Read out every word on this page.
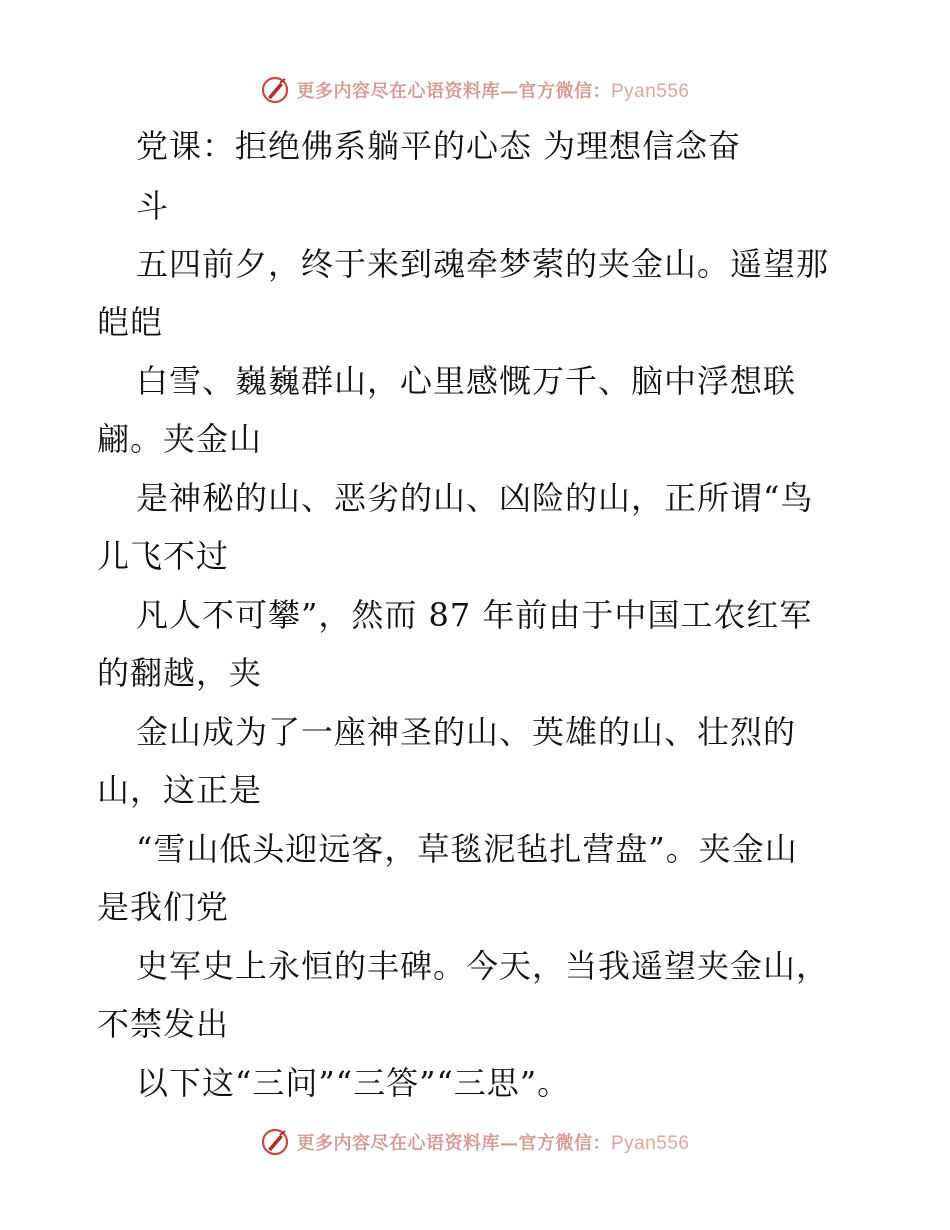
更多内容尽在心语资料库—官方微信：Pyan556
党课：拒绝佛系躺平的心态 为理想信念奋
斗
五四前夕，终于来到魂牵梦萦的夹金山。遥望那
皑皑
白雪、巍巍群山，心里感慨万千、脑中浮想联
翩。夹金山
是神秘的山、恶劣的山、凶险的山，正所谓“鸟
儿飞不过
凡人不可攀”，然而 87 年前由于中国工农红军
的翻越，夹
金山成为了一座神圣的山、英雄的山、壮烈的
山，这正是
“雪山低头迎远客，草毯泥毡扎营盘”。夹金山
是我们党
史军史上永恒的丰碑。今天，当我遥望夹金山，
不禁发出
以下这“三问”“三答”“三思”。
更多内容尽在心语资料库—官方微信：Pyan556
